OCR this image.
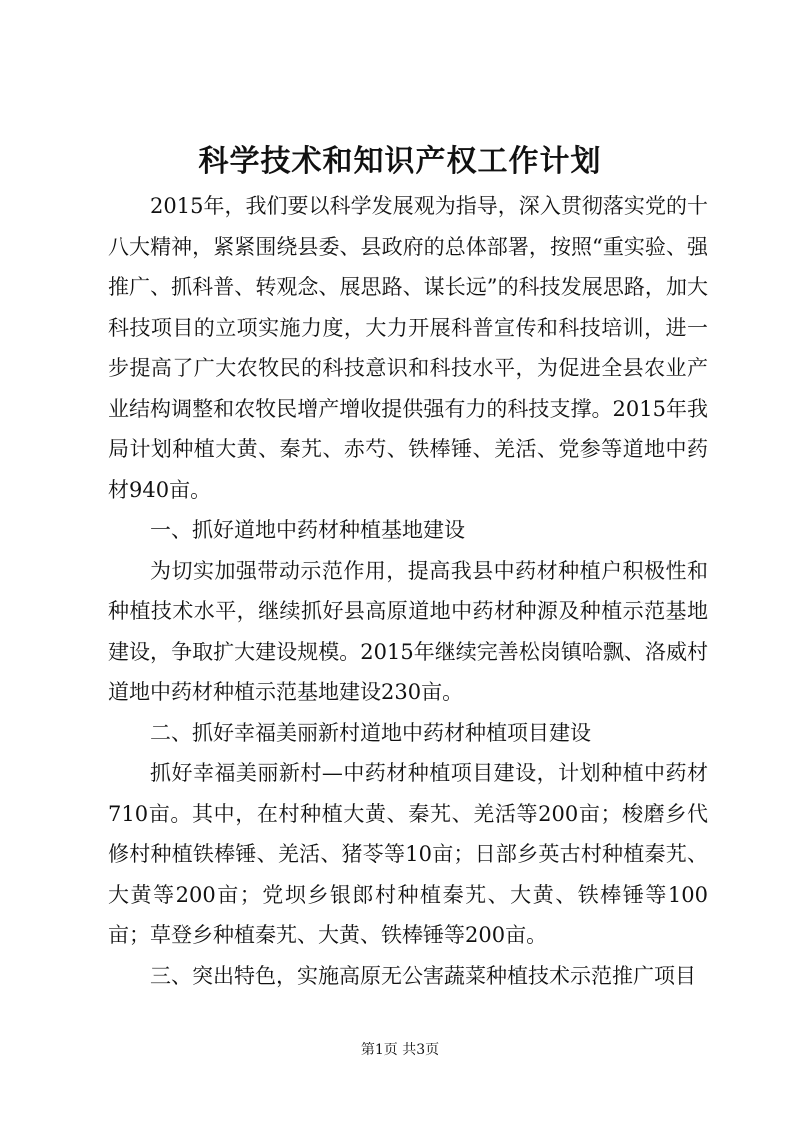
科学技术和知识产权工作计划

2015年，我们要以科学发展观为指导，深入贯彻落实党的十八大精神，紧紧围绕县委、县政府的总体部署，按照“重实验、强推广、抓科普、转观念、展思路、谋长远”的科技发展思路，加大科技项目的立项实施力度，大力开展科普宣传和科技培训，进一步提高了广大农牧民的科技意识和科技水平，为促进全县农业产业结构调整和农牧民增产增收提供强有力的科技支撑。2015年我局计划种植大黄、秦艽、赤芍、铁棒锤、羌活、党参等道地中药材940亩。

一、抓好道地中药材种植基地建设

为切实加强带动示范作用，提高我县中药材种植户积极性和种植技术水平，继续抓好县高原道地中药材种源及种植示范基地建设，争取扩大建设规模。2015年继续完善松岗镇哈飘、洛威村道地中药材种植示范基地建设230亩。

二、抓好幸福美丽新村道地中药材种植项目建设

抓好幸福美丽新村—中药材种植项目建设，计划种植中药材710亩。其中，在村种植大黄、秦艽、羌活等200亩；梭磨乡代修村种植铁棒锤、羌活、猪苓等10亩；日部乡英古村种植秦艽、大黄等200亩；党坝乡银郎村种植秦艽、大黄、铁棒锤等100亩；草登乡种植秦艽、大黄、铁棒锤等200亩。

三、突出特色，实施高原无公害蔬菜种植技术示范推广项目

第1页 共3页
